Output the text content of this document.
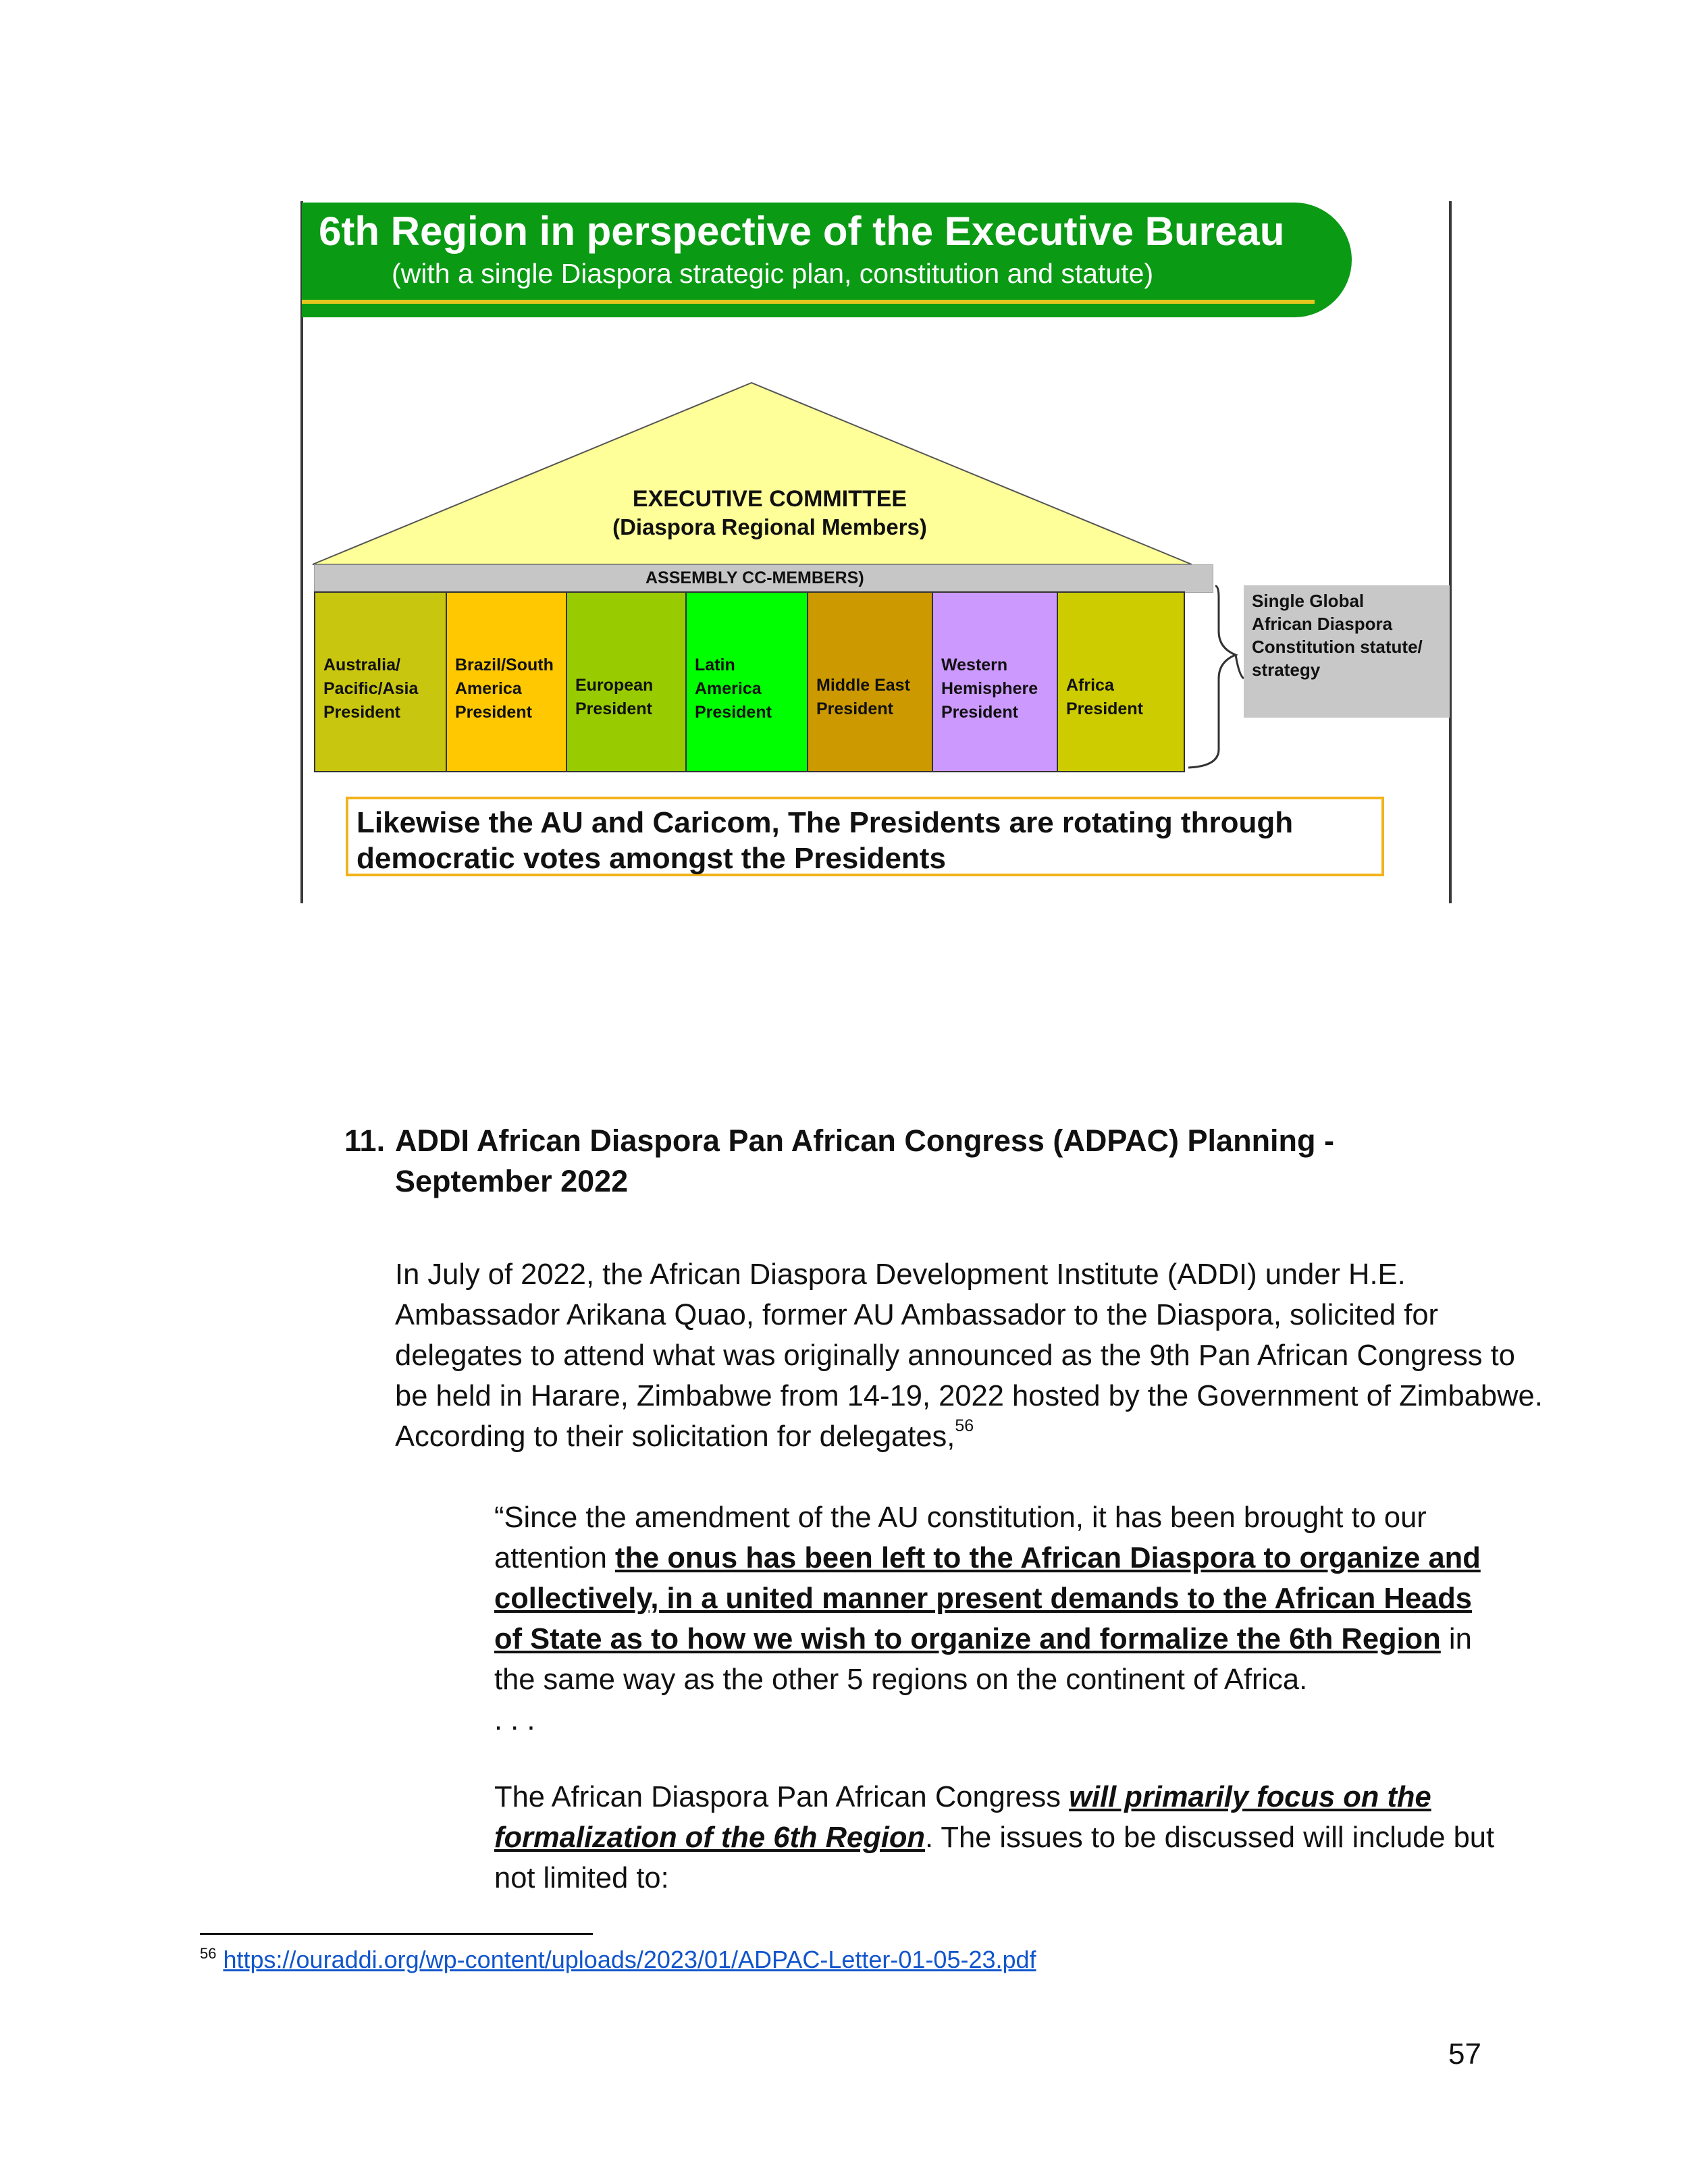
6th Region in perspective of the Executive Bureau
(with a single Diaspora strategic plan, constitution and statute)
EXECUTIVE COMMITTEE
(Diaspora Regional Members)
ASSEMBLY CC-MEMBERS)
Australia/
Pacific/Asia
President
Brazil/South
America
President
European
President
Latin
America
President
Middle East
President
Western
Hemisphere
President
Africa
President
Single Global
African Diaspora
Constitution statute/
strategy
Likewise the AU and Caricom, The Presidents are rotating through
democratic votes amongst the Presidents
11. ADDI African Diaspora Pan African Congress (ADPAC) Planning - September 2022
In July of 2022, the African Diaspora Development Institute (ADDI) under H.E. Ambassador Arikana Quao, former AU Ambassador to the Diaspora, solicited for delegates to attend what was originally announced as the 9th Pan African Congress to be held in Harare, Zimbabwe from 14-19, 2022 hosted by the Government of Zimbabwe. According to their solicitation for delegates,$^{56}$
“Since the amendment of the AU constitution, it has been brought to our attention the onus has been left to the African Diaspora to organize and collectively, in a united manner present demands to the African Heads of State as to how we wish to organize and formalize the 6th Region in the same way as the other 5 regions on the continent of Africa.
. . .
The African Diaspora Pan African Congress will primarily focus on the formalization of the 6th Region. The issues to be discussed will include but not limited to:
$^{56}$ https://ouraddi.org/wp-content/uploads/2023/01/ADPAC-Letter-01-05-23.pdf
57
